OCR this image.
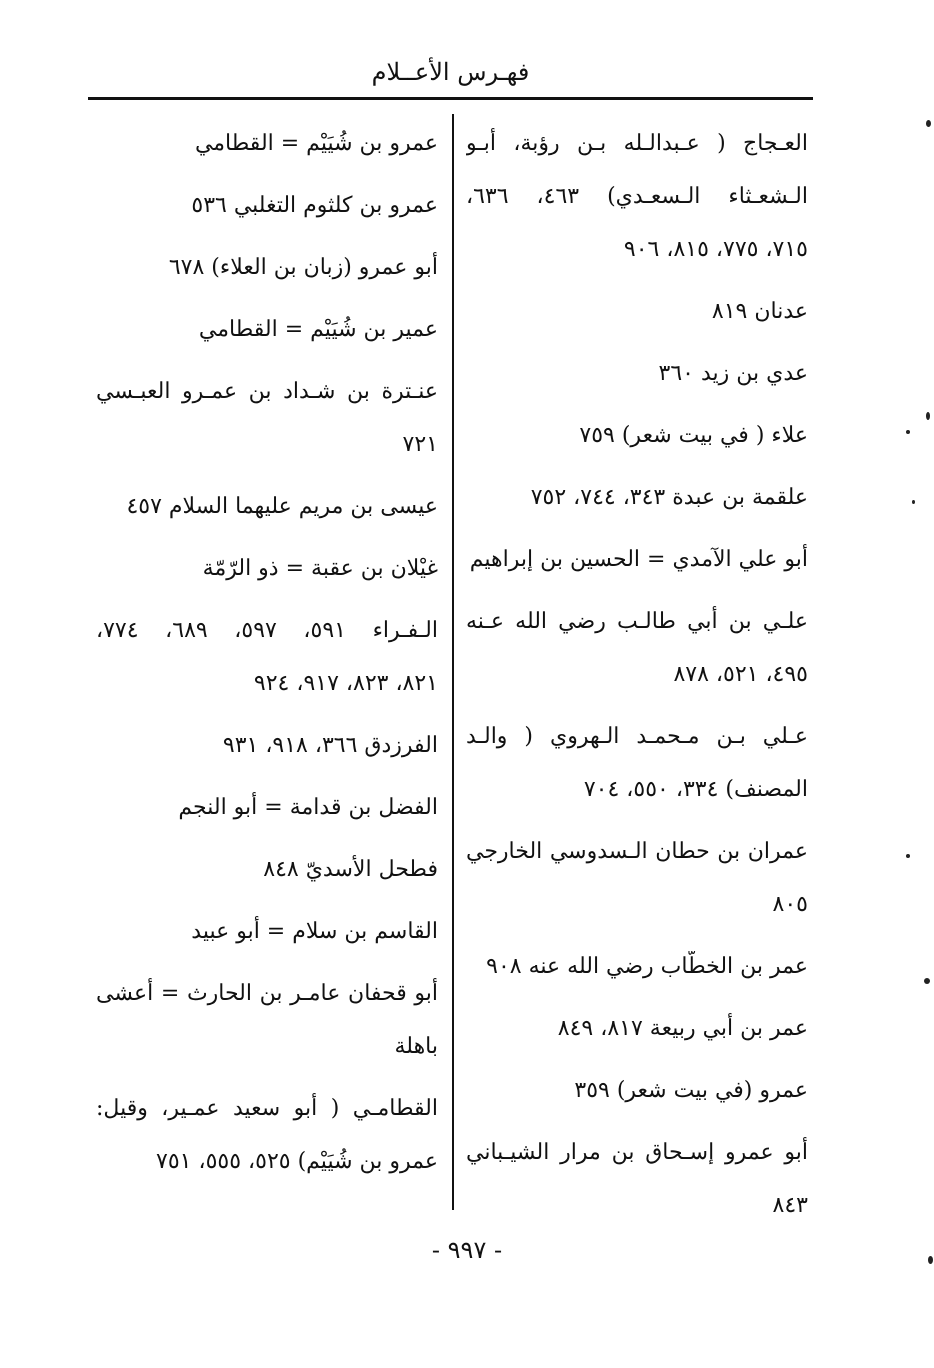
فهـرس الأعــلام
العـجاج ( عـبدالـله بـن رؤبة، أبـو
الـشعـثاء الـسعـدي) ٤٦٣، ٦٣٦،
٧١٥، ٧٧٥، ٨١٥، ٩٠٦
عدنان ٨١٩
عدي بن زيد ٣٦٠
علاء ( في بيت شعر) ٧٥٩
علقمة بن عبدة ٣٤٣، ٧٤٤، ٧٥٢
أبو علي الآمدي = الحسين بن إبراهيم
علـي بن أبي طالـب رضي الله عـنه
٤٩٥، ٥٢١، ٨٧٨
عـلي بـن مـحمـد الـهروي ( والـد
المصنف) ٣٣٤، ٥٥٠، ٧٠٤
عمران بن حطان الـسدوسي الخارجي
٨٠٥
عمر بن الخطّاب رضي الله عنه ٩٠٨
عمر بن أبي ربيعة ٨١٧، ٨٤٩
عمرو (في بيت شعر) ٣٥٩
أبو عمرو إسـحاق بن مرار الشيـباني
٨٤٣
عمرو بن شُيَيْم = القطامي
عمرو بن كلثوم التغلبي ٥٣٦
أبو عمرو (زبان بن العلاء) ٦٧٨
عمير بن شُيَيْم = القطامي
عنـترة بن شـداد بن عمـرو العبـسي
٧٢١
عيسى بن مريم عليهما السلام ٤٥٧
غيْلان بن عقبة = ذو الرّمّة
الـفـراء ٥٩١، ٥٩٧، ٦٨٩، ٧٧٤،
٨٢١، ٨٢٣، ٩١٧، ٩٢٤
الفرزدق ٣٦٦، ٩١٨، ٩٣١
الفضل بن قدامة = أبو النجم
فطحل الأسديّ ٨٤٨
القاسم بن سلام = أبو عبيد
أبو قحفان عامـر بن الحارث = أعشى
باهلة
القطامـي ( أبو سعيد عمـير، وقيل:
عمرو بن شُيَيْم) ٥٢٥، ٥٥٥، ٧٥١
- ٩٩٧ -
